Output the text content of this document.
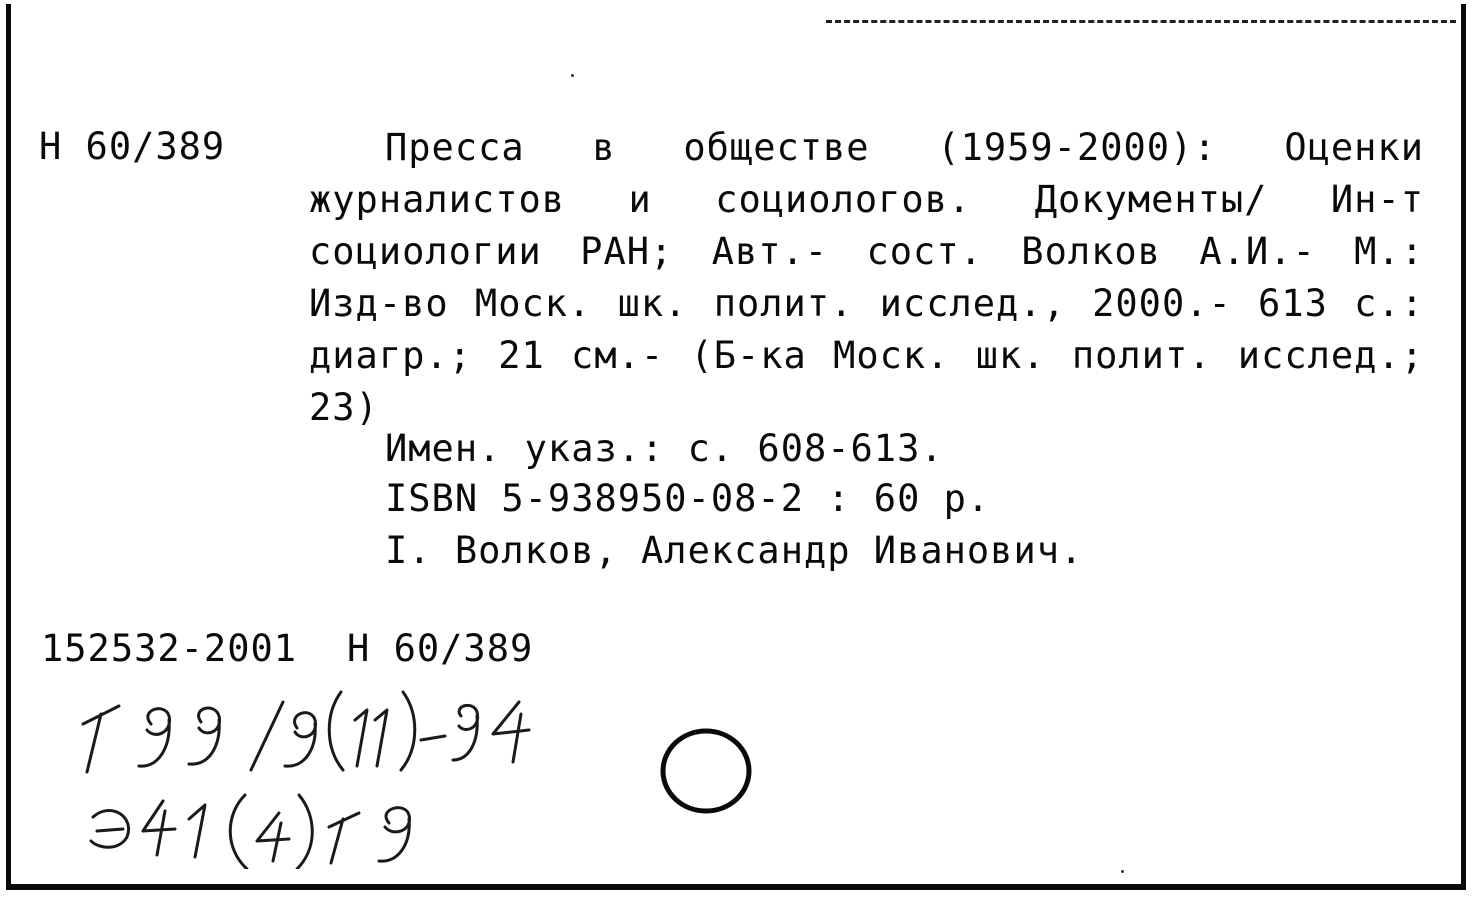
Н 60/389	Пресса в обществе (1959-2000): Оценки журналистов и социологов. Документы/ Ин-т социологии РАН; Авт.- сост. Волков А.И.- М.: Изд-во Моск. шк. полит. исслед., 2000.- 613 с.: диагр.; 21 см.- (Б-ка Моск. шк. полит. исслед.; 23)

Имен. указ.: с. 608-613.

ISBN 5-938950-08-2 : 60 р.

I. Волков, Александр Иванович.

152532-2001 Н 60/389
